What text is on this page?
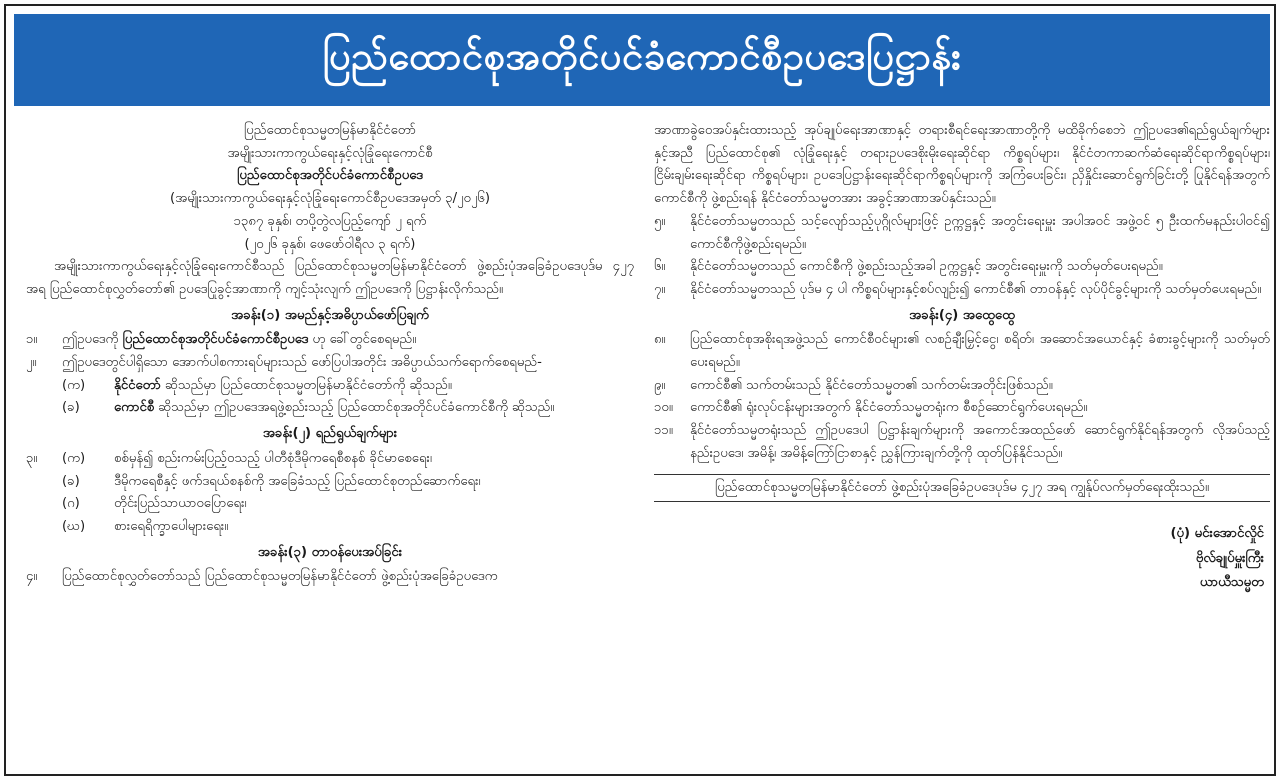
ပြည်ထောင်စုအတိုင်ပင်ခံကောင်စီဥပဒေပြဋ္ဌာန်း
ပြည်ထောင်စုသမ္မတမြန်မာနိုင်ငံတော်
အမျိုးသားကာကွယ်ရေးနှင့်လုံခြုံရေးကောင်စီ
ပြည်ထောင်စုအတိုင်ပင်ခံကောင်စီဥပဒေ
(အမျိုးသားကာကွယ်ရေးနှင့်လုံခြုံရေးကောင်စီဥပဒေအမှတ် ၃/၂၀၂၆)
၁၃၈၇ ခုနှစ်၊ တပို့တွဲလပြည့်ကျော် ၂ ရက်
(၂၀၂၆ ခုနှစ်၊ ဖေဖော်ဝါရီလ ၃ ရက်)

အမျိုးသားကာကွယ်ရေးနှင့်လုံခြုံရေးကောင်စီသည် ပြည်ထောင်စုသမ္မတမြန်မာနိုင်ငံတော် ဖွဲ့စည်းပုံအခြေခံဥပဒေပုဒ်မ ၄၂၇ အရ ပြည်ထောင်စုလွှတ်တော်၏ ဥပဒေပြုခွင့်အာဏာကို ကျင့်သုံးလျက် ဤဥပဒေကို ပြဋ္ဌာန်းလိုက်သည်။

အခန်း(၁) အမည်နှင့်အဓိပ္ပာယ်ဖော်ပြချက်
၁။	ဤဥပဒေကို ပြည်ထောင်စုအတိုင်ပင်ခံကောင်စီဥပဒေ ဟု ခေါ်တွင်စေရမည်။
၂။	ဤဥပဒေတွင်ပါရှိသော အောက်ပါစကားရပ်များသည် ဖော်ပြပါအတိုင်း အဓိပ္ပာယ်သက်ရောက်စေရမည်-
(က)	နိုင်ငံတော် ဆိုသည်မှာ ပြည်ထောင်စုသမ္မတမြန်မာနိုင်ငံတော်ကို ဆိုသည်။
(ခ)	ကောင်စီ ဆိုသည်မှာ ဤဥပဒေအရဖွဲ့စည်းသည့် ပြည်ထောင်စုအတိုင်ပင်ခံကောင်စီကို ဆိုသည်။
အခန်း(၂) ရည်ရွယ်ချက်များ
၃။	(က)	စစ်မှန်၍ စည်းကမ်းပြည့်ဝသည့် ပါတီစုံဒီမိုကရေစီစနစ် ခိုင်မာစေရေး၊
(ခ)	ဒီမိုကရေစီနှင့် ဖက်ဒရယ်စနစ်ကို အခြေခံသည့် ပြည်ထောင်စုတည်ဆောက်ရေး၊
(ဂ)	တိုင်းပြည်သာယာဝပြောရေး၊
(ဃ)	စားရေရိက္ခာပေါများရေး။
အခန်း(၃) တာဝန်ပေးအပ်ခြင်း
၄။	ပြည်ထောင်စုလွှတ်တော်သည် ပြည်ထောင်စုသမ္မတမြန်မာနိုင်ငံတော် ဖွဲ့စည်းပုံအခြေခံဥပဒေက

အာဏာခွဲဝေအပ်နှင်းထားသည့် အုပ်ချုပ်ရေးအာဏာနှင့် တရားစီရင်ရေးအာဏာတို့ကို မထိခိုက်စေဘဲ ဤဥပဒေ၏ရည်ရွယ်ချက်များနှင့်အညီ ပြည်ထောင်စု၏ လုံခြုံရေးနှင့် တရားဥပဒေစိုးမိုးရေးဆိုင်ရာ ကိစ္စရပ်များ၊ နိုင်ငံတကာဆက်ဆံရေးဆိုင်ရာကိစ္စရပ်များ၊ ငြိမ်းချမ်းရေးဆိုင်ရာ ကိစ္စရပ်များ၊ ဥပဒေပြဋ္ဌာန်းရေးဆိုင်ရာကိစ္စရပ်များကို အကြံပေးခြင်း၊ ညှိနှိုင်းဆောင်ရွက်ခြင်းတို့ ပြုနိုင်ရန်အတွက် ကောင်စီကို ဖွဲ့စည်းရန် နိုင်ငံတော်သမ္မတအား အခွင့်အာဏာအပ်နှင်းသည်။

၅။	နိုင်ငံတော်သမ္မတသည် သင့်လျော်သည့်ပုဂ္ဂိုလ်များဖြင့် ဥက္ကဋ္ဌနှင့် အတွင်းရေးမှူး အပါအဝင် အဖွဲ့ဝင် ၅ ဦးထက်မနည်းပါဝင်၍ ကောင်စီကိုဖွဲ့စည်းရမည်။
၆။	နိုင်ငံတော်သမ္မတသည် ကောင်စီကို ဖွဲ့စည်းသည့်အခါ ဥက္ကဋ္ဌနှင့် အတွင်းရေးမှူးကို သတ်မှတ်ပေးရမည်။
၇။	နိုင်ငံတော်သမ္မတသည် ပုဒ်မ ၄ ပါ ကိစ္စရပ်များနှင့်စပ်လျဉ်း၍ ကောင်စီ၏ တာဝန်နှင့် လုပ်ပိုင်ခွင့်များကို သတ်မှတ်ပေးရမည်။
အခန်း(၄) အထွေထွေ
၈။	ပြည်ထောင်စုအစိုးရအဖွဲ့သည် ကောင်စီဝင်များ၏ လစဉ်ချီးမြှင့်ငွေ၊ စရိတ်၊ အဆောင်အယောင်နှင့် ခံစားခွင့်များကို သတ်မှတ်ပေးရမည်။
၉။	ကောင်စီ၏ သက်တမ်းသည် နိုင်ငံတော်သမ္မတ၏ သက်တမ်းအတိုင်းဖြစ်သည်။
၁၀။	ကောင်စီ၏ ရုံးလုပ်ငန်းများအတွက် နိုင်ငံတော်သမ္မတရုံးက စီစဉ်ဆောင်ရွက်ပေးရမည်။
၁၁။	နိုင်ငံတော်သမ္မတရုံးသည် ဤဥပဒေပါ ပြဋ္ဌာန်းချက်များကို အကောင်အထည်ဖော် ဆောင်ရွက်နိုင်ရန်အတွက် လိုအပ်သည့် နည်းဥပဒေ၊ အမိန့်၊ အမိန့်ကြော်ငြာစာနှင့် ညွှန်ကြားချက်တို့ကို ထုတ်ပြန်နိုင်သည်။
ပြည်ထောင်စုသမ္မတမြန်မာနိုင်ငံတော် ဖွဲ့စည်းပုံအခြေခံဥပဒေပုဒ်မ ၄၂၇ အရ ကျွန်ုပ်လက်မှတ်ရေးထိုးသည်။
(ပုံ) မင်းအောင်လှိုင်
ဗိုလ်ချုပ်မှူးကြီး
ယာယီသမ္မတ
